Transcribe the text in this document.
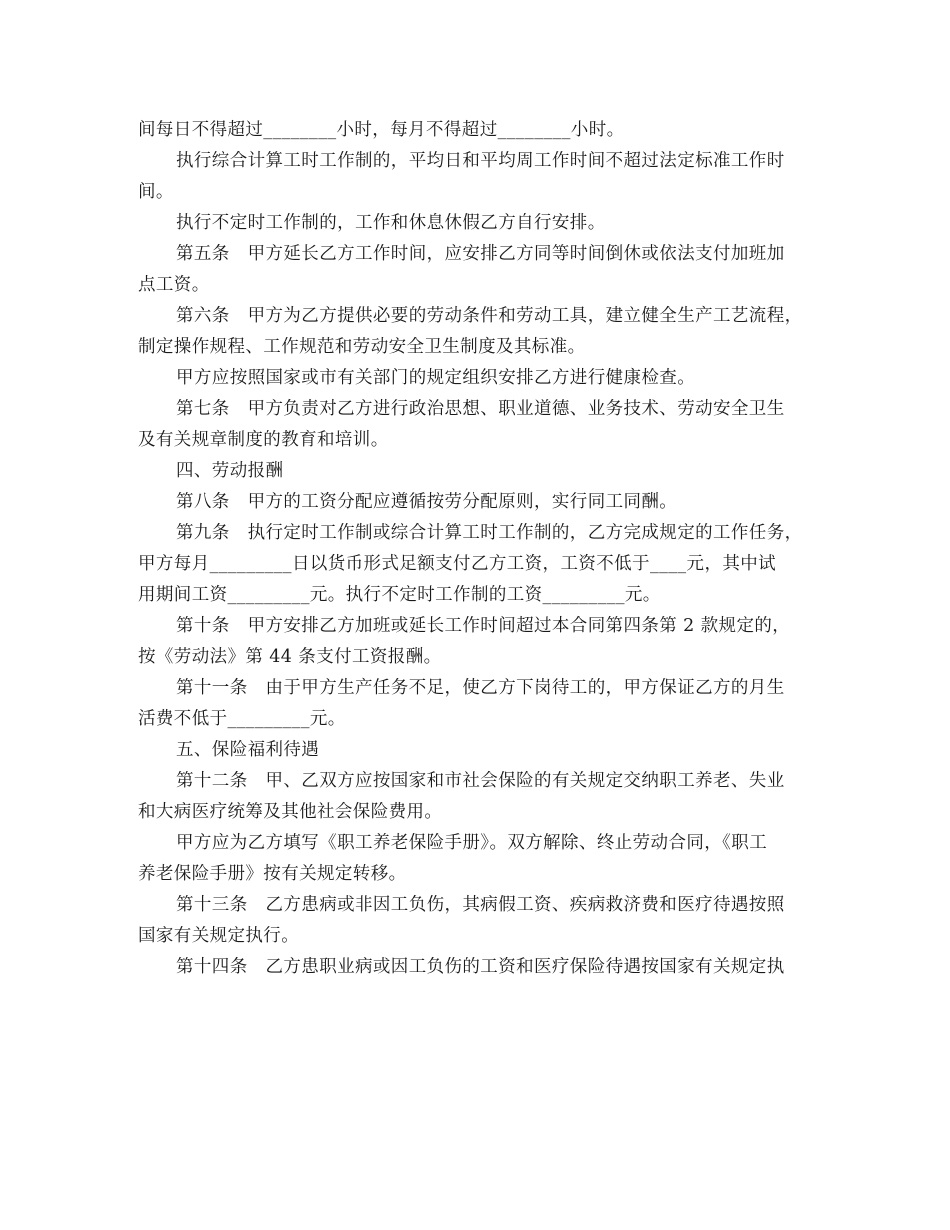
间每日不得超过________小时，每月不得超过________小时。
执行综合计算工时工作制的，平均日和平均周工作时间不超过法定标准工作时
间。
执行不定时工作制的，工作和休息休假乙方自行安排。
第五条　甲方延长乙方工作时间，应安排乙方同等时间倒休或依法支付加班加
点工资。
第六条　甲方为乙方提供必要的劳动条件和劳动工具，建立健全生产工艺流程，
制定操作规程、工作规范和劳动安全卫生制度及其标准。
甲方应按照国家或市有关部门的规定组织安排乙方进行健康检查。
第七条　甲方负责对乙方进行政治思想、职业道德、业务技术、劳动安全卫生
及有关规章制度的教育和培训。
四、劳动报酬
第八条　甲方的工资分配应遵循按劳分配原则，实行同工同酬。
第九条　执行定时工作制或综合计算工时工作制的，乙方完成规定的工作任务，
甲方每月_________日以货币形式足额支付乙方工资，工资不低于____元，其中试
用期间工资_________元。执行不定时工作制的工资_________元。
第十条　甲方安排乙方加班或延长工作时间超过本合同第四条第 2 款规定的，
按《劳动法》第 44 条支付工资报酬。
第十一条　由于甲方生产任务不足，使乙方下岗待工的，甲方保证乙方的月生
活费不低于_________元。
五、保险福利待遇
第十二条　甲、乙双方应按国家和市社会保险的有关规定交纳职工养老、失业
和大病医疗统筹及其他社会保险费用。
甲方应为乙方填写《职工养老保险手册》。双方解除、终止劳动合同，《职工
养老保险手册》按有关规定转移。
第十三条　乙方患病或非因工负伤，其病假工资、疾病救济费和医疗待遇按照
国家有关规定执行。
第十四条　乙方患职业病或因工负伤的工资和医疗保险待遇按国家有关规定执
